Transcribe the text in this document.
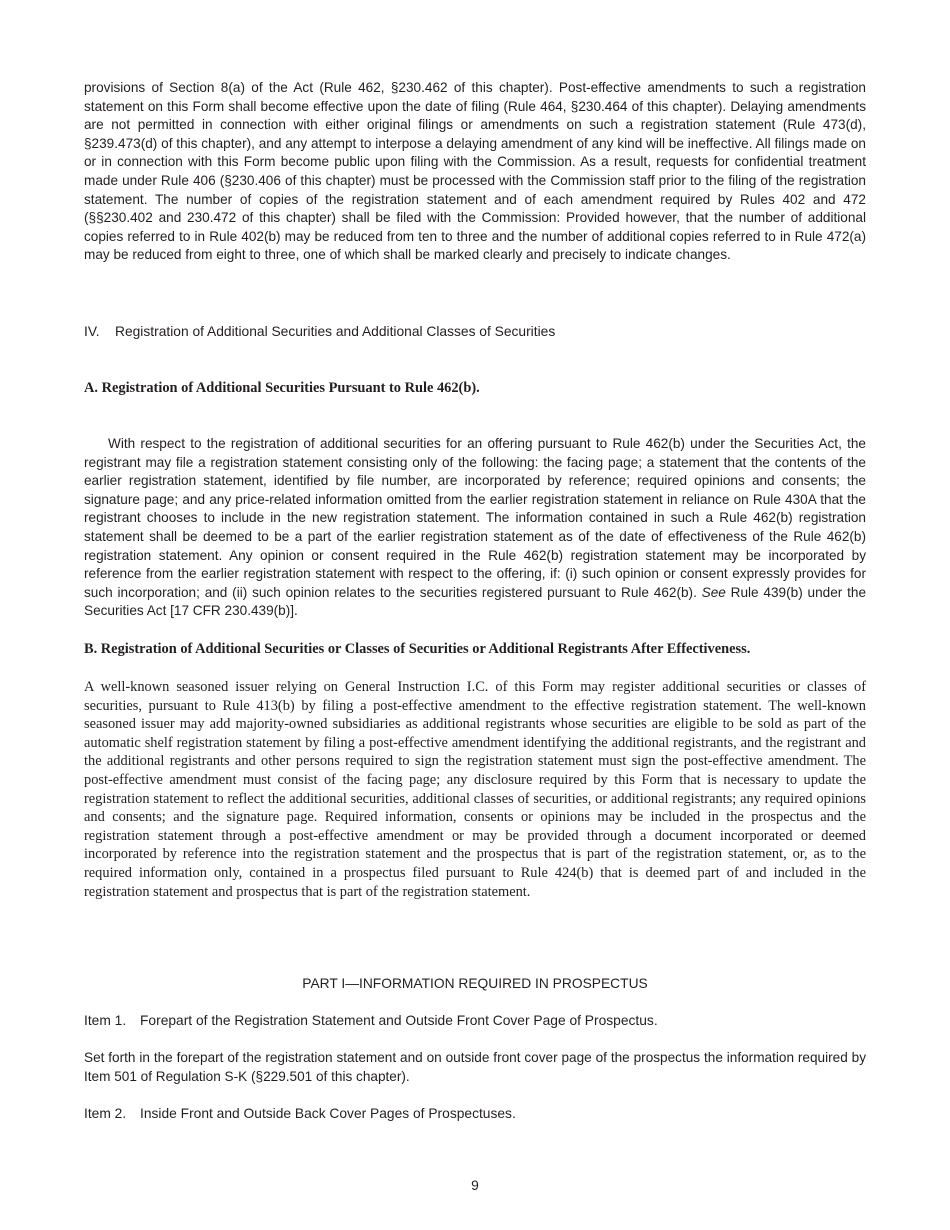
provisions of Section 8(a) of the Act (Rule 462, §230.462 of this chapter). Post-effective amendments to such a registration statement on this Form shall become effective upon the date of filing (Rule 464, §230.464 of this chapter). Delaying amendments are not permitted in connection with either original filings or amendments on such a registration statement (Rule 473(d), §239.473(d) of this chapter), and any attempt to interpose a delaying amendment of any kind will be ineffective. All filings made on or in connection with this Form become public upon filing with the Commission. As a result, requests for confidential treatment made under Rule 406 (§230.406 of this chapter) must be processed with the Commission staff prior to the filing of the registration statement. The number of copies of the registration statement and of each amendment required by Rules 402 and 472 (§§230.402 and 230.472 of this chapter) shall be filed with the Commission: Provided however, that the number of additional copies referred to in Rule 402(b) may be reduced from ten to three and the number of additional copies referred to in Rule 472(a) may be reduced from eight to three, one of which shall be marked clearly and precisely to indicate changes.

IV. Registration of Additional Securities and Additional Classes of Securities

A. Registration of Additional Securities Pursuant to Rule 462(b).

With respect to the registration of additional securities for an offering pursuant to Rule 462(b) under the Securities Act, the registrant may file a registration statement consisting only of the following: the facing page; a statement that the contents of the earlier registration statement, identified by file number, are incorporated by reference; required opinions and consents; the signature page; and any price-related information omitted from the earlier registration statement in reliance on Rule 430A that the registrant chooses to include in the new registration statement. The information contained in such a Rule 462(b) registration statement shall be deemed to be a part of the earlier registration statement as of the date of effectiveness of the Rule 462(b) registration statement. Any opinion or consent required in the Rule 462(b) registration statement may be incorporated by reference from the earlier registration statement with respect to the offering, if: (i) such opinion or consent expressly provides for such incorporation; and (ii) such opinion relates to the securities registered pursuant to Rule 462(b). See Rule 439(b) under the Securities Act [17 CFR 230.439(b)].

B. Registration of Additional Securities or Classes of Securities or Additional Registrants After Effectiveness.

A well-known seasoned issuer relying on General Instruction I.C. of this Form may register additional securities or classes of securities, pursuant to Rule 413(b) by filing a post-effective amendment to the effective registration statement. The well-known seasoned issuer may add majority-owned subsidiaries as additional registrants whose securities are eligible to be sold as part of the automatic shelf registration statement by filing a post-effective amendment identifying the additional registrants, and the registrant and the additional registrants and other persons required to sign the registration statement must sign the post-effective amendment. The post-effective amendment must consist of the facing page; any disclosure required by this Form that is necessary to update the registration statement to reflect the additional securities, additional classes of securities, or additional registrants; any required opinions and consents; and the signature page. Required information, consents or opinions may be included in the prospectus and the registration statement through a post-effective amendment or may be provided through a document incorporated or deemed incorporated by reference into the registration statement and the prospectus that is part of the registration statement, or, as to the required information only, contained in a prospectus filed pursuant to Rule 424(b) that is deemed part of and included in the registration statement and prospectus that is part of the registration statement.

PART I—INFORMATION REQUIRED IN PROSPECTUS

Item 1. Forepart of the Registration Statement and Outside Front Cover Page of Prospectus.

Set forth in the forepart of the registration statement and on outside front cover page of the prospectus the information required by Item 501 of Regulation S-K (§229.501 of this chapter).

Item 2. Inside Front and Outside Back Cover Pages of Prospectuses.

9
